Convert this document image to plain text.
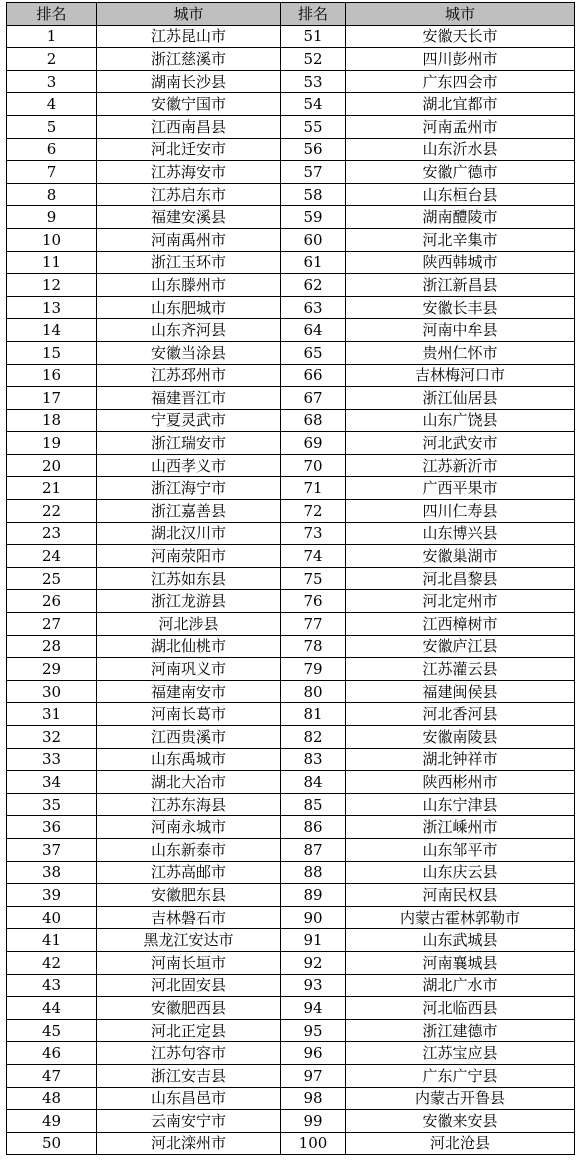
排名	城市	排名	城市
1	江苏昆山市	51	安徽天长市
2	浙江慈溪市	52	四川彭州市
3	湖南长沙县	53	广东四会市
4	安徽宁国市	54	湖北宜都市
5	江西南昌县	55	河南孟州市
6	河北迁安市	56	山东沂水县
7	江苏海安市	57	安徽广德市
8	江苏启东市	58	山东桓台县
9	福建安溪县	59	湖南醴陵市
10	河南禹州市	60	河北辛集市
11	浙江玉环市	61	陕西韩城市
12	山东滕州市	62	浙江新昌县
13	山东肥城市	63	安徽长丰县
14	山东齐河县	64	河南中牟县
15	安徽当涂县	65	贵州仁怀市
16	江苏邳州市	66	吉林梅河口市
17	福建晋江市	67	浙江仙居县
18	宁夏灵武市	68	山东广饶县
19	浙江瑞安市	69	河北武安市
20	山西孝义市	70	江苏新沂市
21	浙江海宁市	71	广西平果市
22	浙江嘉善县	72	四川仁寿县
23	湖北汉川市	73	山东博兴县
24	河南荥阳市	74	安徽巢湖市
25	江苏如东县	75	河北昌黎县
26	浙江龙游县	76	河北定州市
27	河北涉县	77	江西樟树市
28	湖北仙桃市	78	安徽庐江县
29	河南巩义市	79	江苏灌云县
30	福建南安市	80	福建闽侯县
31	河南长葛市	81	河北香河县
32	江西贵溪市	82	安徽南陵县
33	山东禹城市	83	湖北钟祥市
34	湖北大冶市	84	陕西彬州市
35	江苏东海县	85	山东宁津县
36	河南永城市	86	浙江嵊州市
37	山东新泰市	87	山东邹平市
38	江苏高邮市	88	山东庆云县
39	安徽肥东县	89	河南民权县
40	吉林磐石市	90	内蒙古霍林郭勒市
41	黑龙江安达市	91	山东武城县
42	河南长垣市	92	河南襄城县
43	河北固安县	93	湖北广水市
44	安徽肥西县	94	河北临西县
45	河北正定县	95	浙江建德市
46	江苏句容市	96	江苏宝应县
47	浙江安吉县	97	广东广宁县
48	山东昌邑市	98	内蒙古开鲁县
49	云南安宁市	99	安徽来安县
50	河北滦州市	100	河北沧县
